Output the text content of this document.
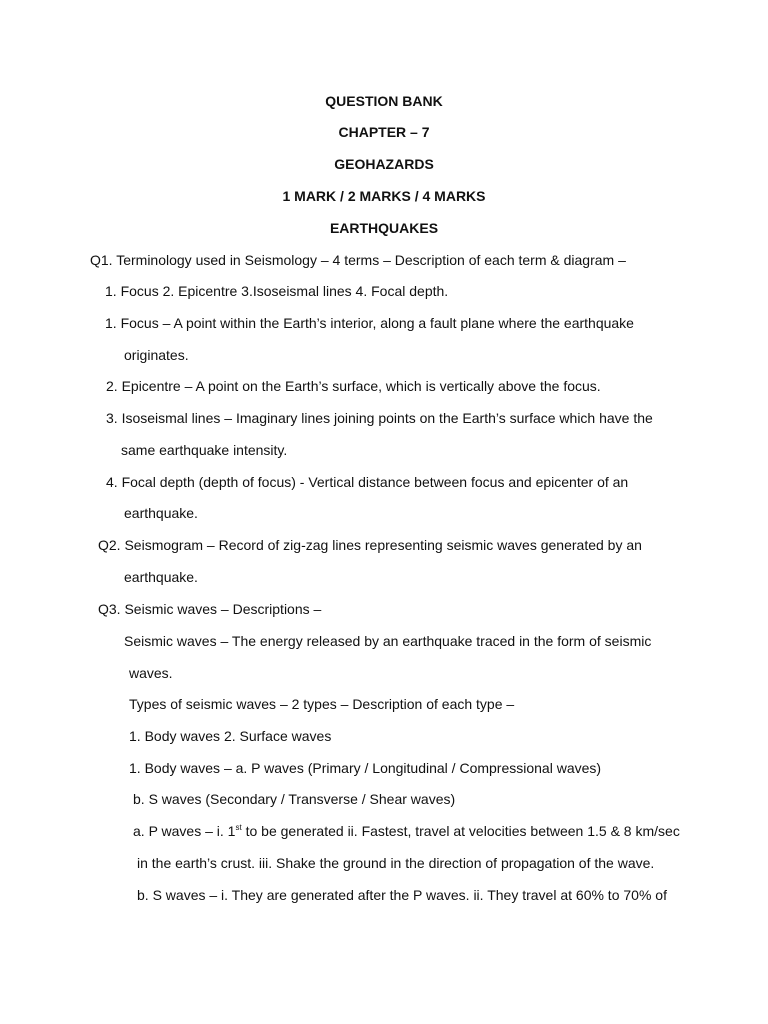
QUESTION BANK
CHAPTER – 7
GEOHAZARDS
1 MARK / 2 MARKS / 4 MARKS
EARTHQUAKES
Q1. Terminology used in Seismology – 4 terms – Description of each term & diagram –
1. Focus 2. Epicentre 3.Isoseismal lines 4. Focal depth.
1. Focus – A point within the Earth’s interior, along a fault plane where the earthquake
originates.
2. Epicentre – A point on the Earth’s surface, which is vertically above the focus.
3. Isoseismal lines – Imaginary lines joining points on the Earth’s surface which have the
same earthquake intensity.
4. Focal depth (depth of focus) - Vertical distance between focus and epicenter of an
earthquake.
Q2. Seismogram – Record of zig-zag lines representing seismic waves generated by an
earthquake.
Q3. Seismic waves – Descriptions –
Seismic waves – The energy released by an earthquake traced in the form of seismic
waves.
Types of seismic waves – 2 types – Description of each type –
1. Body waves 2. Surface waves
1. Body waves – a. P waves (Primary / Longitudinal / Compressional waves)
b. S waves (Secondary / Transverse / Shear waves)
a. P waves – i. 1st to be generated ii. Fastest, travel at velocities between 1.5 & 8 km/sec
in the earth’s crust. iii. Shake the ground in the direction of propagation of the wave.
b. S waves – i. They are generated after the P waves. ii. They travel at 60% to 70% of
